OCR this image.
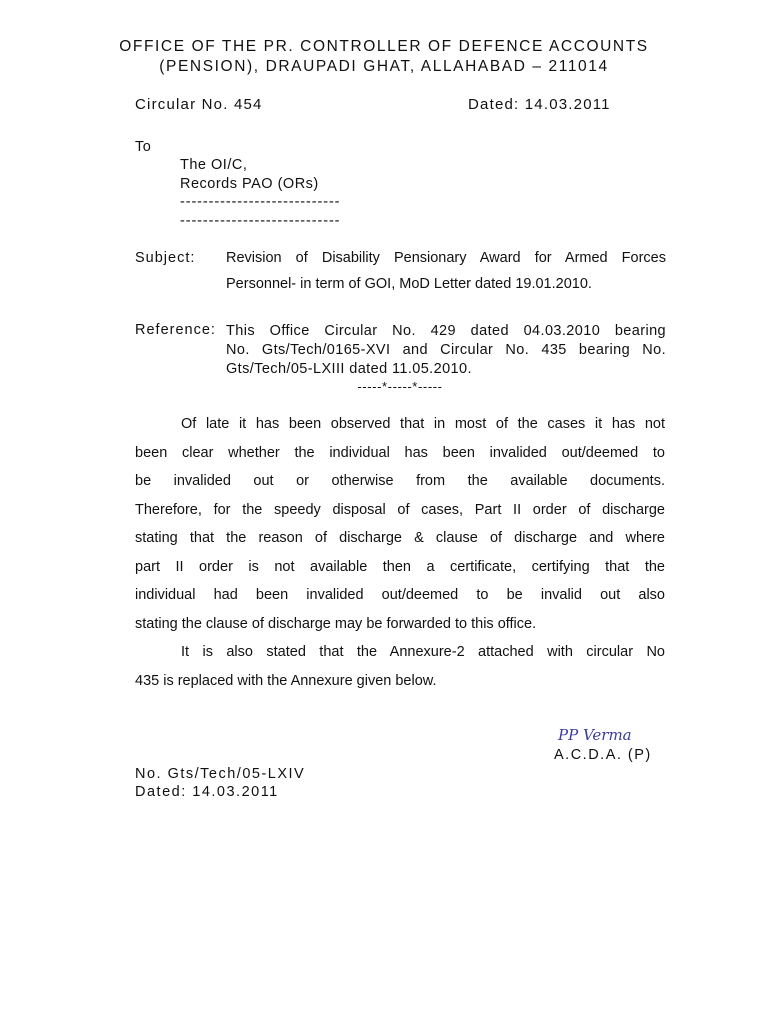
OFFICE OF THE PR. CONTROLLER OF DEFENCE ACCOUNTS
(PENSION), DRAUPADI GHAT, ALLAHABAD – 211014
Circular No. 454	Dated: 14.03.2011
To
The OI/C,
Records PAO (ORs)
----------------------------
----------------------------
Subject: Revision of Disability Pensionary Award for Armed Forces
Personnel- in term of GOI, MoD Letter dated 19.01.2010.
Reference: This Office Circular No. 429 dated 04.03.2010 bearing
No. Gts/Tech/0165-XVI and Circular No. 435 bearing No.
Gts/Tech/05-LXIII dated 11.05.2010.
-----*-----*-----
Of late it has been observed that in most of the cases it has not
been clear whether the individual has been invalided out/deemed to
be invalided out or otherwise from the available documents.
Therefore, for the speedy disposal of cases, Part II order of discharge
stating that the reason of discharge & clause of discharge and where
part II order is not available then a certificate, certifying that the
individual had been invalided out/deemed to be invalid out also
stating the clause of discharge may be forwarded to this office.
It is also stated that the Annexure-2 attached with circular No
435 is replaced with the Annexure given below.
PP Verma
A.C.D.A. (P)
No. Gts/Tech/05-LXIV
Dated: 14.03.2011
